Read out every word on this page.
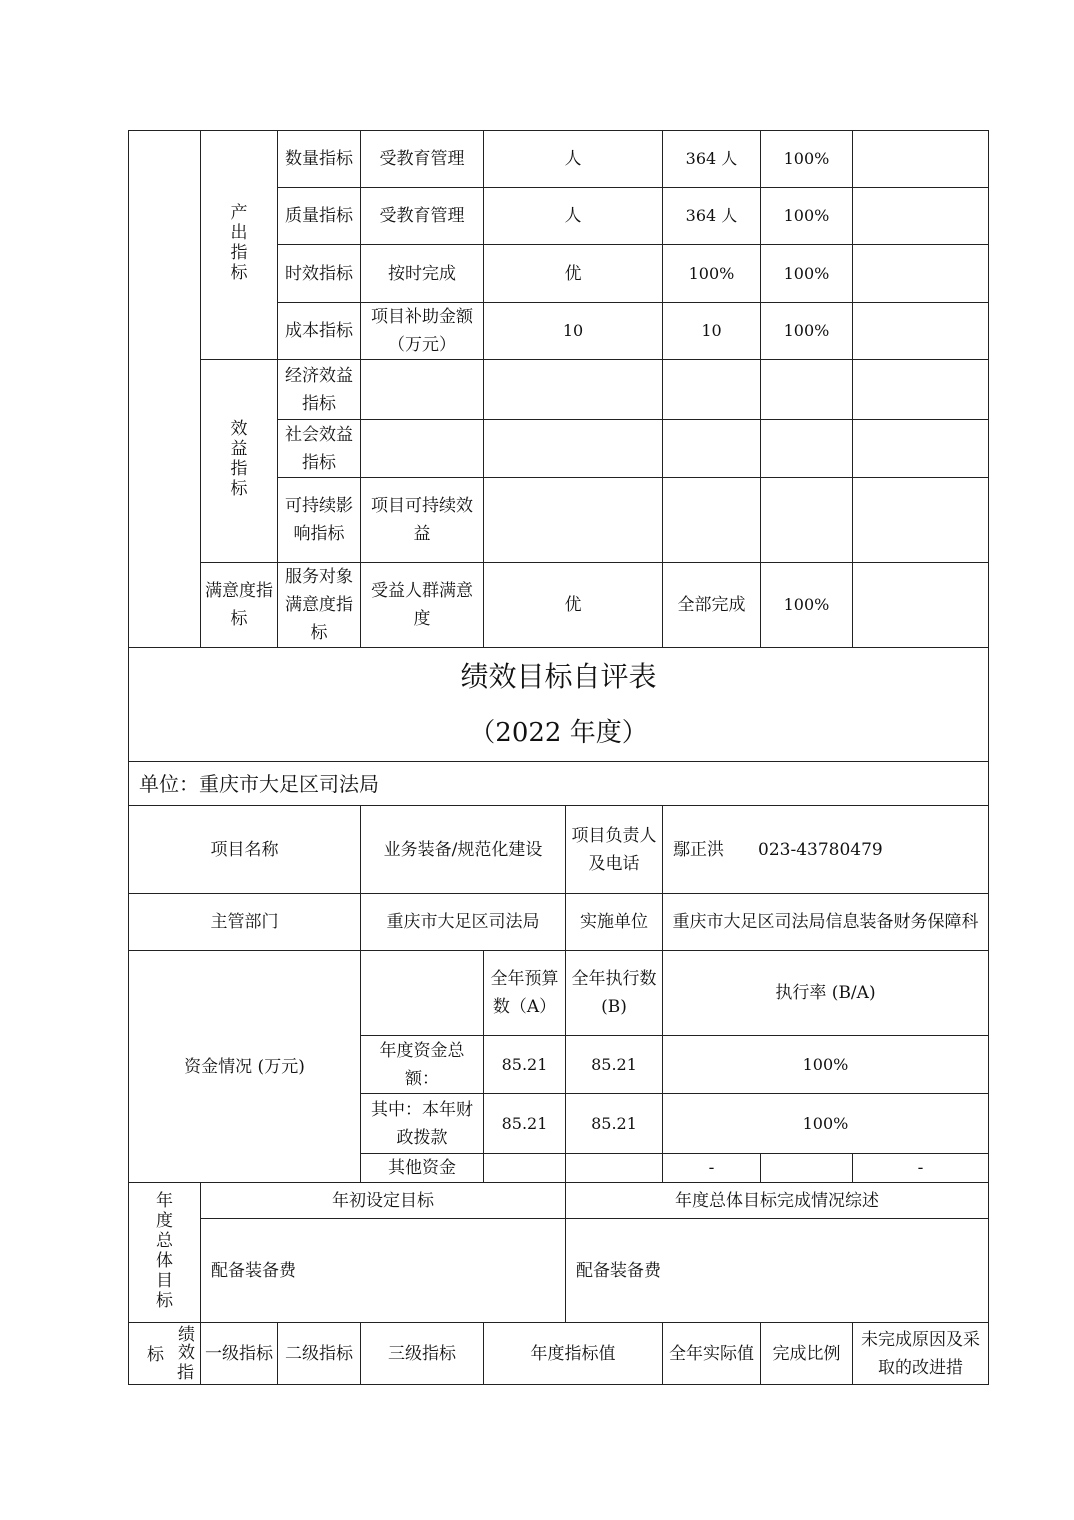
	产出指标	数量指标	受教育管理	人		364 人	100%	
		质量指标	受教育管理	人		364 人	100%	
		时效指标	按时完成	优		100%	100%	
		成本指标	项目补助金额（万元）	10		10	100%	
	效益指标	经济效益指标						
		社会效益指标						
		可持续影响指标	项目可持续效益					
	满意度指标	服务对象满意度指标	受益人群满意度	优		全部完成	100%	

绩效目标自评表
（2022 年度）								

单位：重庆市大足区司法局								
项目名称			业务装备/规范化建设		项目负责人及电话	鄢正洪　　023-43780479		
主管部门			重庆市大足区司法局		实施单位	重庆市大足区司法局信息装备财务保障科		
资金情况 (万元)				全年预算数（A）	全年执行数 (B)	执行率 (B/A)		
			年度资金总额：	85.21	85.21	100%		
			其中：本年财政拨款	85.21	85.21	100%		
			其他资金			-		-
年度总体目标	年初设定目标				年度总体目标完成情况综述			
	配备装备费				配备装备费			

绩效
标
指	一级指标	二级指标	三级指标	年度指标值		全年实际值	完成比例	未完成原因及采取的改进措
